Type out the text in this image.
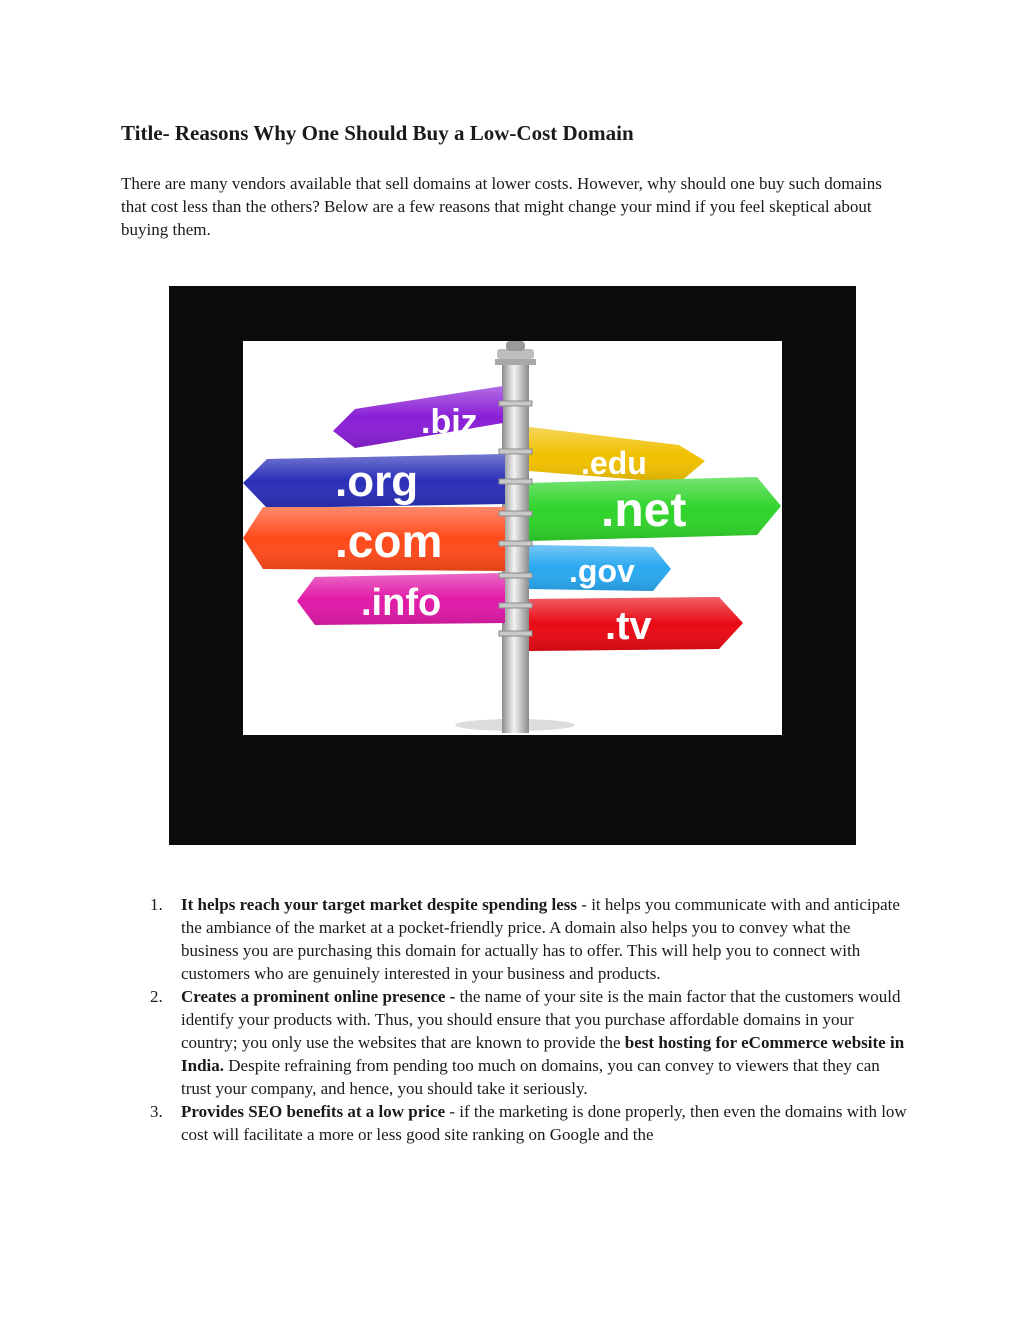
Title- Reasons Why One Should Buy a Low-Cost Domain

There are many vendors available that sell domains at lower costs. However, why should one buy such domains that cost less than the others? Below are a few reasons that might change your mind if you feel skeptical about buying them.

.biz
.org
.com
.info
.edu
.net
.gov
.tv
1. It helps reach your target market despite spending less - it helps you communicate with and anticipate the ambiance of the market at a pocket-friendly price. A domain also helps you to convey what the business you are purchasing this domain for actually has to offer. This will help you to connect with customers who are genuinely interested in your business and products.
2. Creates a prominent online presence - the name of your site is the main factor that the customers would identify your products with. Thus, you should ensure that you purchase affordable domains in your country; you only use the websites that are known to provide the best hosting for eCommerce website in India. Despite refraining from pending too much on domains, you can convey to viewers that they can trust your company, and hence, you should take it seriously.
3. Provides SEO benefits at a low price - if the marketing is done properly, then even the domains with low cost will facilitate a more or less good site ranking on Google and the
